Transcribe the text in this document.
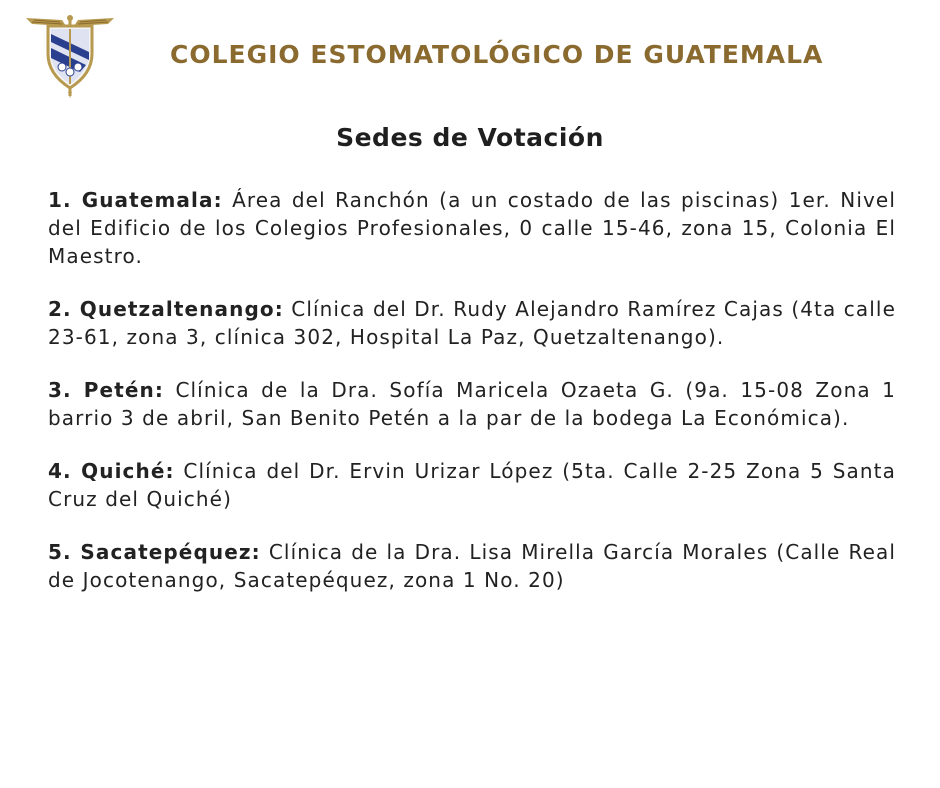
COLEGIO ESTOMATOLÓGICO DE GUATEMALA
Sedes de Votación

1. Guatemala: Área del Ranchón (a un costado de las piscinas) 1er. Nivel del Edificio de los Colegios Profesionales, 0 calle 15-46, zona 15, Colonia El Maestro.

2. Quetzaltenango: Clínica del Dr. Rudy Alejandro Ramírez Cajas (4ta calle 23-61, zona 3, clínica 302, Hospital La Paz, Quetzaltenango).

3. Petén: Clínica de la Dra. Sofía Maricela Ozaeta G. (9a. 15-08 Zona 1 barrio 3 de abril, San Benito Petén a la par de la bodega La Económica).

4. Quiché: Clínica del Dr. Ervin Urizar López (5ta. Calle 2-25 Zona 5 Santa Cruz del Quiché)

5. Sacatepéquez: Clínica de la Dra. Lisa Mirella García Morales (Calle Real de Jocotenango, Sacatepéquez, zona 1 No. 20)
